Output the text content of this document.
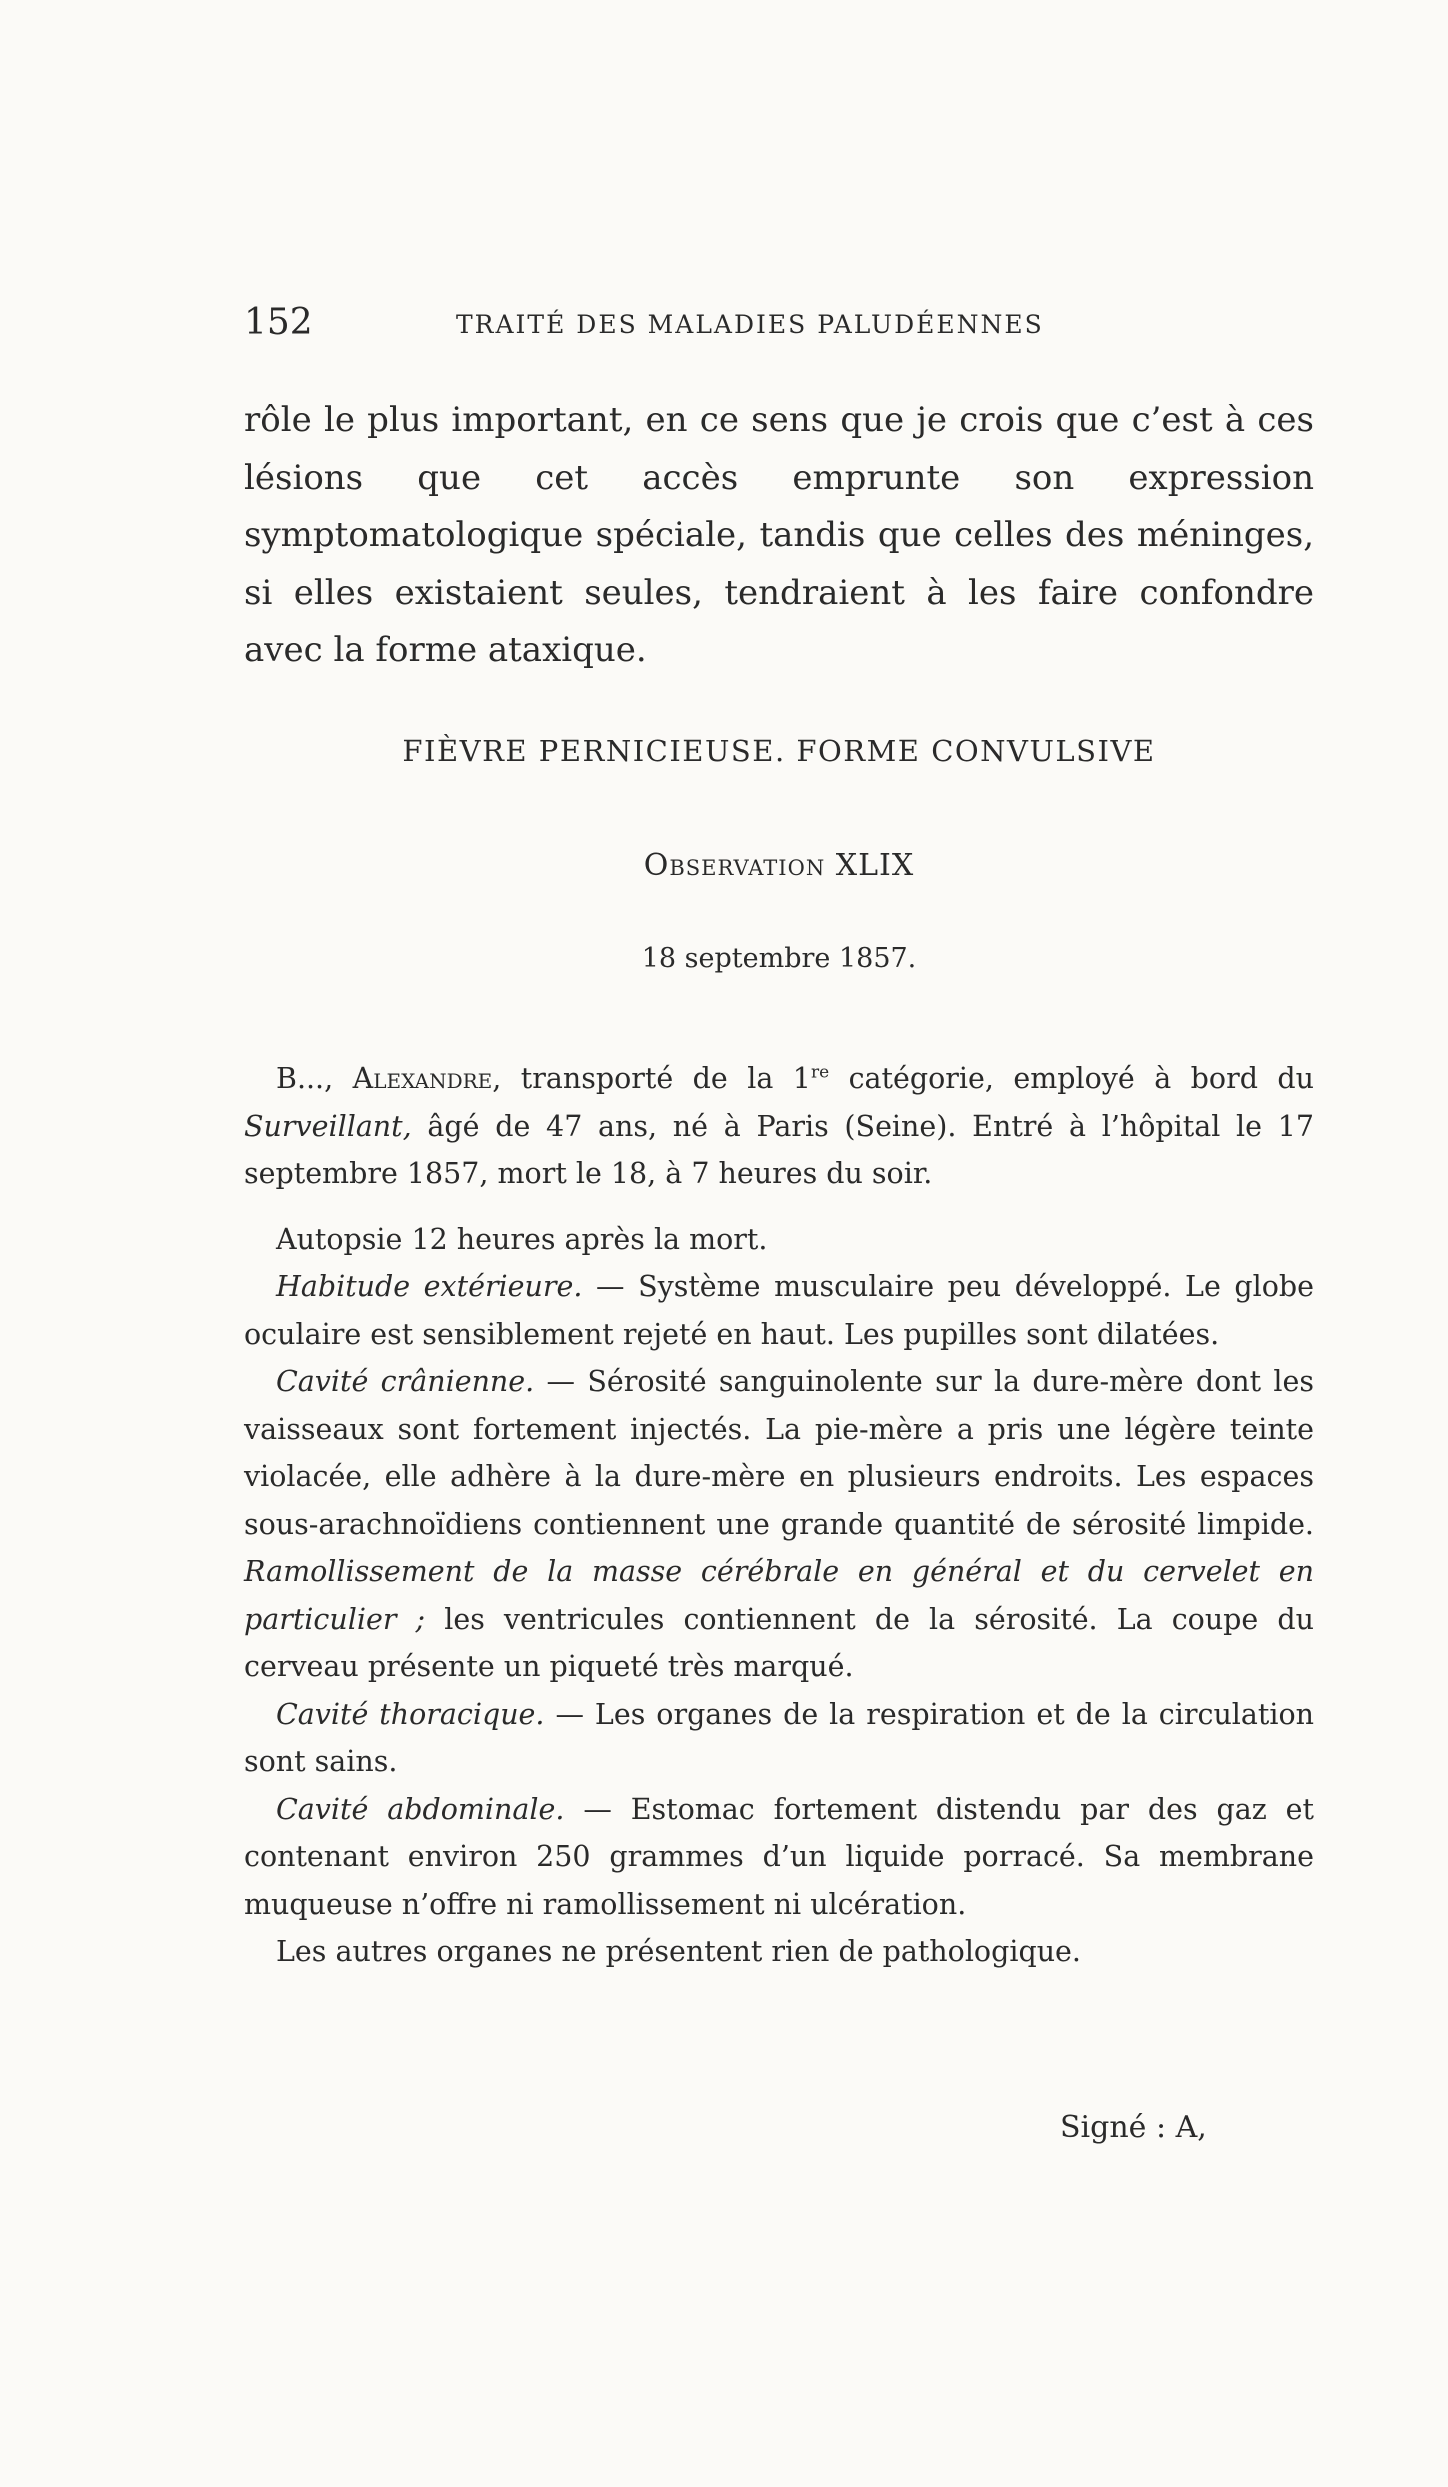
152	TRAITÉ DES MALADIES PALUDÉENNES

rôle le plus important, en ce sens que je crois que c’est à ces lésions que cet accès emprunte son expression symptomatologique spéciale, tandis que celles des méninges, si elles existaient seules, tendraient à les faire confondre avec la forme ataxique.

FIÈVRE PERNICIEUSE. FORME CONVULSIVE
Observation XLIX
18 septembre 1857.

B..., Alexandre, transporté de la 1re catégorie, employé à bord du Surveillant, âgé de 47 ans, né à Paris (Seine). Entré à l’hôpital le 17 septembre 1857, mort le 18, à 7 heures du soir.

Autopsie 12 heures après la mort.

Habitude extérieure. — Système musculaire peu développé. Le globe oculaire est sensiblement rejeté en haut. Les pupilles sont dilatées.

Cavité crânienne. — Sérosité sanguinolente sur la dure-mère dont les vaisseaux sont fortement injectés. La pie-mère a pris une légère teinte violacée, elle adhère à la dure-mère en plusieurs endroits. Les espaces sous-arachnoïdiens contiennent une grande quantité de sérosité limpide. Ramollissement de la masse cérébrale en général et du cervelet en particulier ; les ventricules contiennent de la sérosité. La coupe du cerveau présente un piqueté très marqué.

Cavité thoracique. — Les organes de la respiration et de la circulation sont sains.

Cavité abdominale. — Estomac fortement distendu par des gaz et contenant environ 250 grammes d’un liquide porracé. Sa membrane muqueuse n’offre ni ramollissement ni ulcération.

Les autres organes ne présentent rien de pathologique.

Signé : A,
